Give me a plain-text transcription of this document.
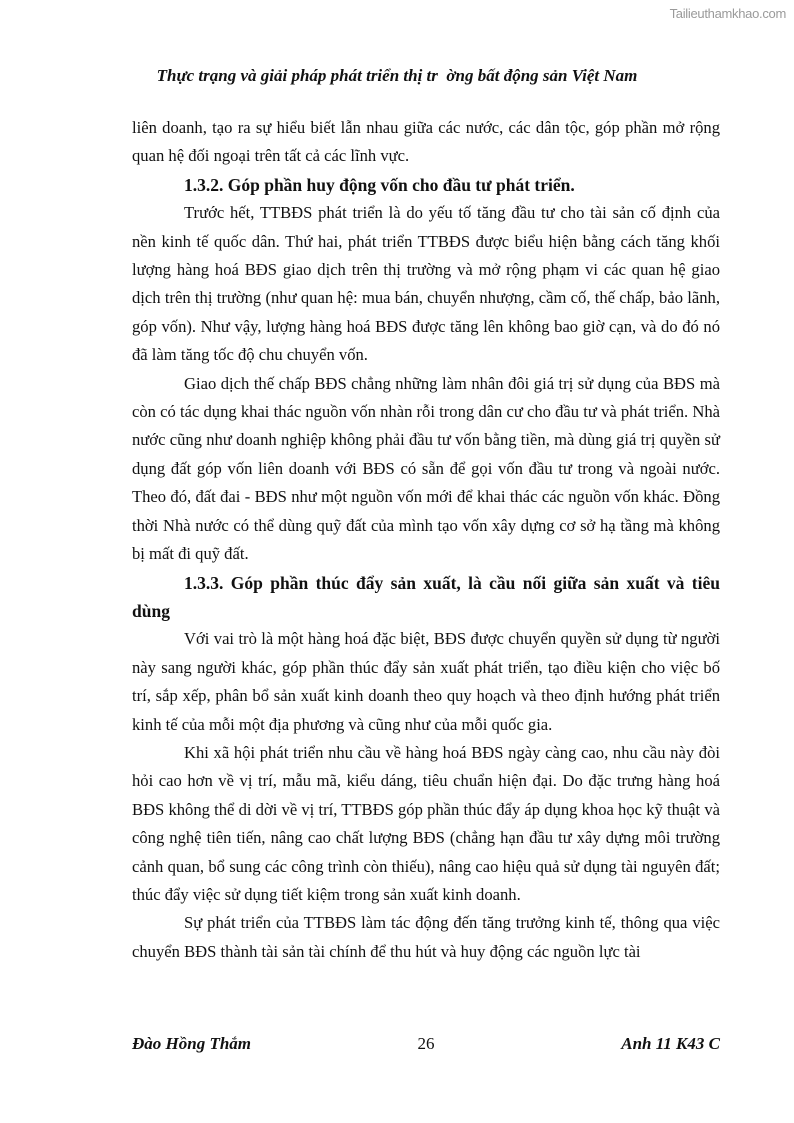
Tailieuthamkhao.com
Thực trạng và giải pháp phát triển thị tr  ờng bất động sản Việt Nam

liên doanh, tạo ra sự hiểu biết lẫn nhau giữa các nước, các dân tộc, góp phần mở rộng quan hệ đối ngoại trên tất cả các lĩnh vực.

1.3.2. Góp phần huy động vốn cho đầu tư phát triển.

Trước hết, TTBĐS phát triển là do yếu tố tăng đầu tư cho tài sản cố định của nền kinh tế quốc dân. Thứ hai, phát triển TTBĐS được biểu hiện bằng cách tăng khối lượng hàng hoá BĐS giao dịch trên thị trường và mở rộng phạm vi các quan hệ giao dịch trên thị trường (như quan hệ: mua bán, chuyển nhượng, cầm cố, thế chấp, bảo lãnh, góp vốn). Như vậy, lượng hàng hoá BĐS được tăng lên không bao giờ cạn, và do đó nó đã làm tăng tốc độ chu chuyển vốn.

Giao dịch thế chấp BĐS chẳng những làm nhân đôi giá trị sử dụng của BĐS mà còn có tác dụng khai thác nguồn vốn nhàn rỗi trong dân cư cho đầu tư và phát triển. Nhà nước cũng như doanh nghiệp không phải đầu tư vốn bằng tiền, mà dùng giá trị quyền sử dụng đất góp vốn liên doanh với BĐS có sẵn để gọi vốn đầu tư trong và ngoài nước. Theo đó, đất đai - BĐS như một nguồn vốn mới để khai thác các nguồn vốn khác. Đồng thời Nhà nước có thể dùng quỹ đất của mình tạo vốn xây dựng cơ sở hạ tầng mà không bị mất đi quỹ đất.

1.3.3. Góp phần thúc đẩy sản xuất, là cầu nối giữa sản xuất và tiêu dùng

Với vai trò là một hàng hoá đặc biệt, BĐS được chuyển quyền sử dụng từ người này sang người khác, góp phần thúc đẩy sản xuất phát triển, tạo điều kiện cho việc bố trí, sắp xếp, phân bổ sản xuất kinh doanh theo quy hoạch và theo định hướng phát triển kinh tế của mỗi một địa phương và cũng như của mỗi quốc gia.

Khi xã hội phát triển nhu cầu về hàng hoá BĐS ngày càng cao, nhu cầu này đòi hỏi cao hơn về vị trí, mẫu mã, kiểu dáng, tiêu chuẩn hiện đại. Do đặc trưng hàng hoá BĐS không thể di dời về vị trí, TTBĐS góp phần thúc đẩy áp dụng khoa học kỹ thuật và công nghệ tiên tiến, nâng cao chất lượng BĐS (chẳng hạn đầu tư xây dựng môi trường cảnh quan, bổ sung các công trình còn thiếu), nâng cao hiệu quả sử dụng tài nguyên đất; thúc đẩy việc sử dụng tiết kiệm trong sản xuất kinh doanh.

Sự phát triển của TTBĐS làm tác động đến tăng trưởng kinh tế, thông qua việc chuyển BĐS thành tài sản tài chính để thu hút và huy động các nguồn lực tài

Đào Hồng Thắm	26	Anh 11 K43 C
